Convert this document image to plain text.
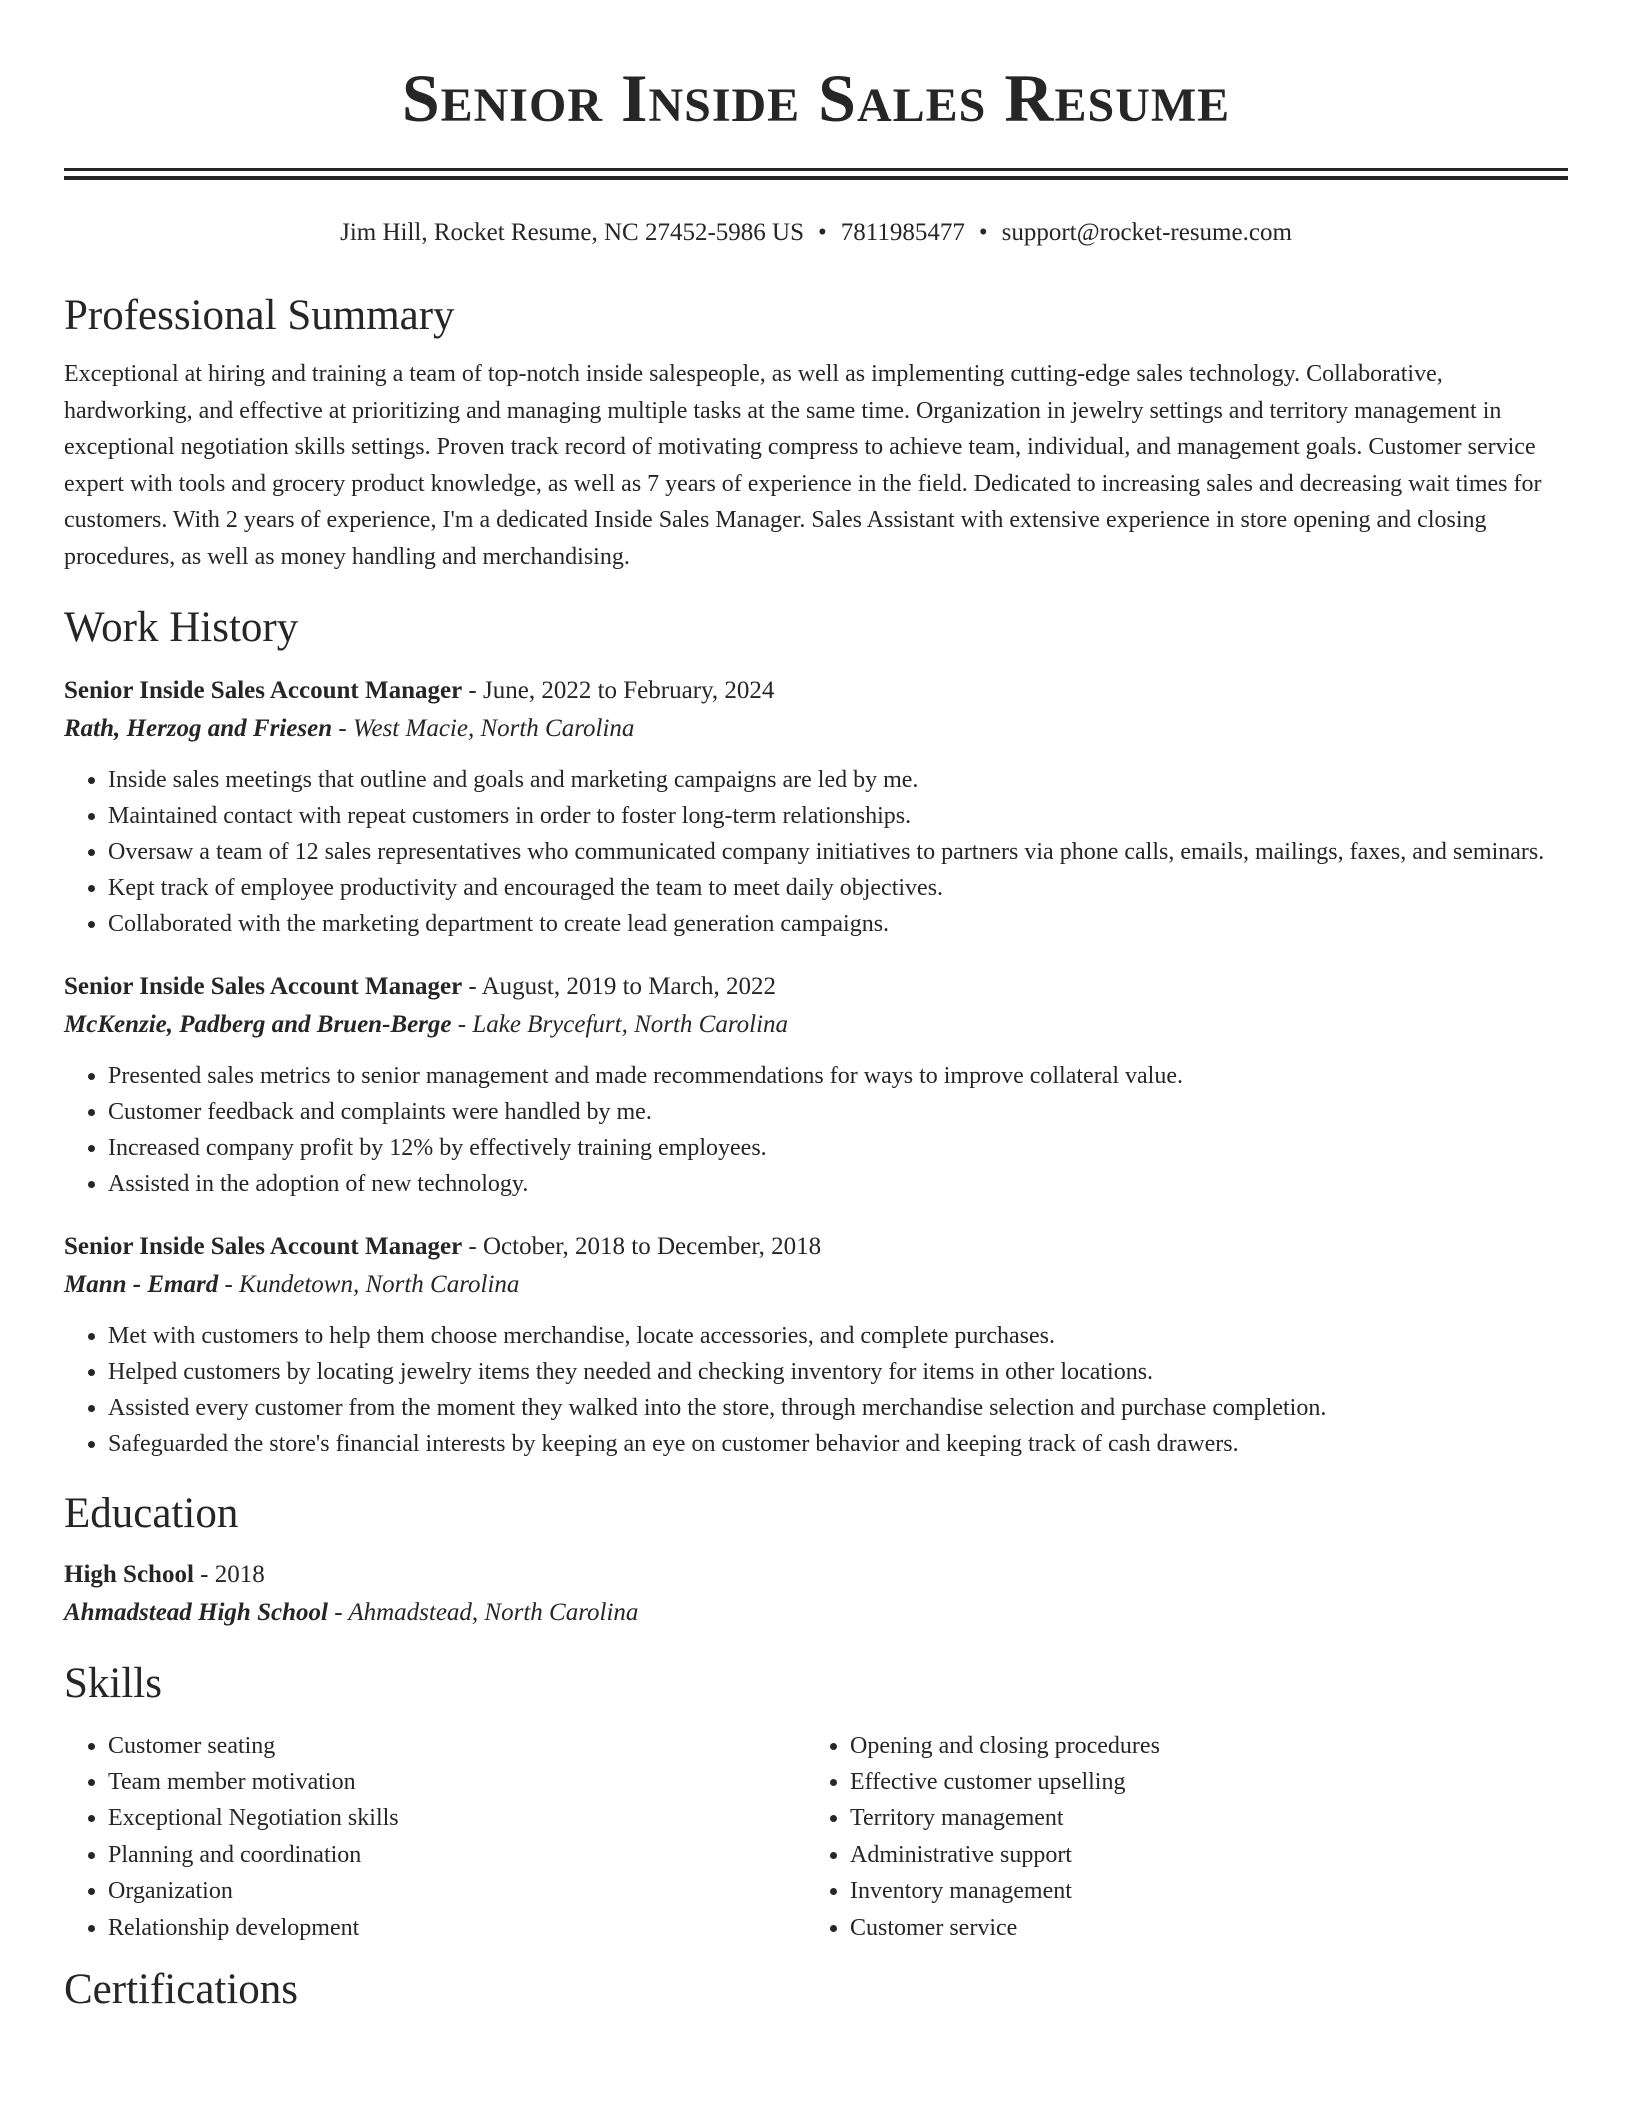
Senior Inside Sales Resume
Jim Hill, Rocket Resume, NC 27452-5986 US • 7811985477 • support@rocket-resume.com
Professional Summary

Exceptional at hiring and training a team of top-notch inside salespeople, as well as implementing cutting-edge sales technology. Collaborative, hardworking, and effective at prioritizing and managing multiple tasks at the same time. Organization in jewelry settings and territory management in exceptional negotiation skills settings. Proven track record of motivating compress to achieve team, individual, and management goals. Customer service expert with tools and grocery product knowledge, as well as 7 years of experience in the field. Dedicated to increasing sales and decreasing wait times for customers. With 2 years of experience, I'm a dedicated Inside Sales Manager. Sales Assistant with extensive experience in store opening and closing procedures, as well as money handling and merchandising.

Work History
Senior Inside Sales Account Manager - June, 2022 to February, 2024
Rath, Herzog and Friesen - West Macie, North Carolina
• Inside sales meetings that outline and goals and marketing campaigns are led by me.
• Maintained contact with repeat customers in order to foster long-term relationships.
• Oversaw a team of 12 sales representatives who communicated company initiatives to partners via phone calls, emails, mailings, faxes, and seminars.
• Kept track of employee productivity and encouraged the team to meet daily objectives.
• Collaborated with the marketing department to create lead generation campaigns.
Senior Inside Sales Account Manager - August, 2019 to March, 2022
McKenzie, Padberg and Bruen-Berge - Lake Brycefurt, North Carolina
• Presented sales metrics to senior management and made recommendations for ways to improve collateral value.
• Customer feedback and complaints were handled by me.
• Increased company profit by 12% by effectively training employees.
• Assisted in the adoption of new technology.
Senior Inside Sales Account Manager - October, 2018 to December, 2018
Mann - Emard - Kundetown, North Carolina
• Met with customers to help them choose merchandise, locate accessories, and complete purchases.
• Helped customers by locating jewelry items they needed and checking inventory for items in other locations.
• Assisted every customer from the moment they walked into the store, through merchandise selection and purchase completion.
• Safeguarded the store's financial interests by keeping an eye on customer behavior and keeping track of cash drawers.
Education
High School - 2018
Ahmadstead High School - Ahmadstead, North Carolina
Skills
• Customer seating
• Team member motivation
• Exceptional Negotiation skills
• Planning and coordination
• Organization
• Relationship development
• Opening and closing procedures
• Effective customer upselling
• Territory management
• Administrative support
• Inventory management
• Customer service
Certifications
